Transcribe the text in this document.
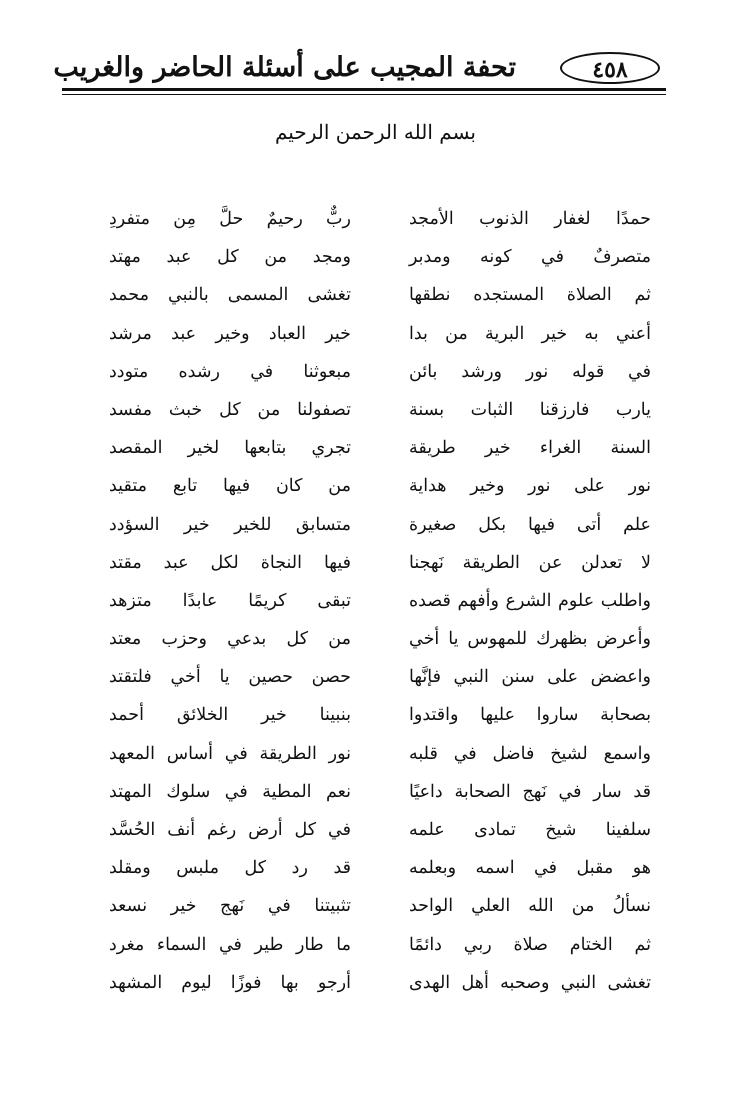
تحفة المجيب على أسئلة الحاضر والغريب	٤٥٨
بسم الله الرحمن الرحيم
حمدًا لغفار الذنوب الأمجد
ربٌّ رحيمٌ حلَّ مِن متفردِ
متصرفٌ في كونه ومدبر
ومجد من كل عبد مهتد
ثم الصلاة المستجده نطقها
تغشى المسمى بالنبي محمد
أعني به خير البرية من بدا
خير العباد وخير عبد مرشد
في قوله نور ورشد بائن
مبعوثنا في رشده متودد
يارب فارزقنا الثبات بسنة
تصفولنا من كل خبث مفسد
السنة الغراء خير طريقة
تجري بتابعها لخير المقصد
نور على نور وخير هداية
من كان فيها تابع متقيد
علم أتى فيها بكل صغيرة
متسابق للخير خير السؤدد
لا تعدلن عن الطريقة نَهجنا
فيها النجاة لكل عبد مقتد
واطلب علوم الشرع وأفهم قصده
تبقى كريمًا عابدًا متزهد
وأعرض بظهرك للمهوس يا أخي
من كل بدعي وحزب معتد
واعضض على سنن النبي فإنَّها
حصن حصين يا أخي فلتقتد
بصحابة ساروا عليها واقتدوا
بنبينا خير الخلائق أحمد
واسمع لشيخ فاضل في قلبه
نور الطريقة في أساس المعهد
قد سار في نَهج الصحابة داعيًا
نعم المطية في سلوك المهتد
سلفينا شيخ تمادى علمه
في كل أرض رغم أنف الحُسَّد
هو مقبل في اسمه وبعلمه
قد رد كل ملبس ومقلد
نسألُ من الله العلي الواحد
تثبيتنا في نَهج خير نسعد
ثم الختام صلاة ربي دائمًا
ما طار طير في السماء مغرد
تغشى النبي وصحبه أهل الهدى
أرجو بها فوزًا ليوم المشهد
